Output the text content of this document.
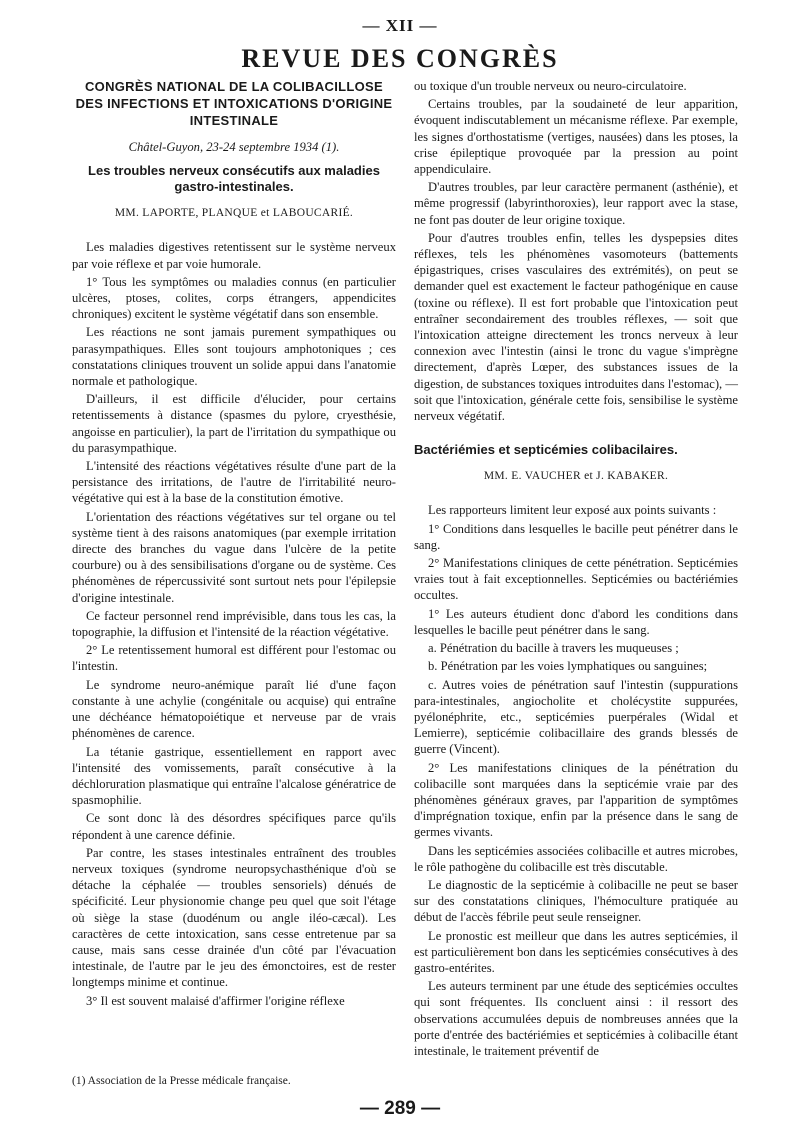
— XII —
REVUE DES CONGRÈS
CONGRÈS NATIONAL DE LA COLIBACILLOSE DES INFECTIONS ET INTOXICATIONS D'ORIGINE INTESTINALE
Châtel-Guyon, 23-24 septembre 1934 (1).
Les troubles nerveux consécutifs aux maladies gastro-intestinales.
MM. LAPORTE, PLANQUE et LABOUCARIÉ.

Les maladies digestives retentissent sur le système nerveux par voie réflexe et par voie humorale.

1° Tous les symptômes ou maladies connus (en particulier ulcères, ptoses, colites, corps étrangers, appendicites chroniques) excitent le système végétatif dans son ensemble.

Les réactions ne sont jamais purement sympathiques ou parasympathiques. Elles sont toujours amphotoniques ; ces constatations cliniques trouvent un solide appui dans l'anatomie normale et pathologique.

D'ailleurs, il est difficile d'élucider, pour certains retentissements à distance (spasmes du pylore, cryesthésie, angoisse en particulier), la part de l'irritation du sympathique ou du parasympathique.

L'intensité des réactions végétatives résulte d'une part de la persistance des irritations, de l'autre de l'irritabilité neuro-végétative qui est à la base de la constitution émotive.

L'orientation des réactions végétatives sur tel organe ou tel système tient à des raisons anatomiques (par exemple irritation directe des branches du vague dans l'ulcère de la petite courbure) ou à des sensibilisations d'organe ou de système. Ces phénomènes de répercussivité sont surtout nets pour l'épilepsie d'origine intestinale.

Ce facteur personnel rend imprévisible, dans tous les cas, la topographie, la diffusion et l'intensité de la réaction végétative.

2° Le retentissement humoral est différent pour l'estomac ou l'intestin.

Le syndrome neuro-anémique paraît lié d'une façon constante à une achylie (congénitale ou acquise) qui entraîne une déchéance hématopoiétique et nerveuse par de vrais phénomènes de carence.

La tétanie gastrique, essentiellement en rapport avec l'intensité des vomissements, paraît consécutive à la déchloruration plasmatique qui entraîne l'alcalose génératrice de spasmophilie.

Ce sont donc là des désordres spécifiques parce qu'ils répondent à une carence définie.

Par contre, les stases intestinales entraînent des troubles nerveux toxiques (syndrome neuropsychasthénique d'où se détache la céphalée — troubles sensoriels) dénués de spécificité. Leur physionomie change peu quel que soit l'étage où siège la stase (duodénum ou angle iléo-cæcal). Les caractères de cette intoxication, sans cesse entretenue par sa cause, mais sans cesse drainée d'un côté par l'évacuation intestinale, de l'autre par le jeu des émonctoires, est de rester longtemps minime et continue.

3° Il est souvent malaisé d'affirmer l'origine réflexe

(1) Association de la Presse médicale française.

ou toxique d'un trouble nerveux ou neuro-circulatoire.

Certains troubles, par la soudaineté de leur apparition, évoquent indiscutablement un mécanisme réflexe. Par exemple, les signes d'orthostatisme (vertiges, nausées) dans les ptoses, la crise épileptique provoquée par la pression au point appendiculaire.

D'autres troubles, par leur caractère permanent (asthénie), et même progressif (labyrinthoroxies), leur rapport avec la stase, ne font pas douter de leur origine toxique.

Pour d'autres troubles enfin, telles les dyspepsies dites réflexes, tels les phénomènes vasomoteurs (battements épigastriques, crises vasculaires des extrémités), on peut se demander quel est exactement le facteur pathogénique en cause (toxine ou réflexe). Il est fort probable que l'intoxication peut entraîner secondairement des troubles réflexes, — soit que l'intoxication atteigne directement les troncs nerveux à leur connexion avec l'intestin (ainsi le tronc du vague s'imprègne directement, d'après Lœper, des substances issues de la digestion, de substances toxiques introduites dans l'estomac), — soit que l'intoxication, générale cette fois, sensibilise le système nerveux végétatif.

Bactériémies et septicémies colibacilaires.
MM. E. VAUCHER et J. KABAKER.

Les rapporteurs limitent leur exposé aux points suivants :

1° Conditions dans lesquelles le bacille peut pénétrer dans le sang.

2° Manifestations cliniques de cette pénétration. Septicémies vraies tout à fait exceptionnelles. Septicémies ou bactériémies occultes.

1° Les auteurs étudient donc d'abord les conditions dans lesquelles le bacille peut pénétrer dans le sang.

a. Pénétration du bacille à travers les muqueuses ;

b. Pénétration par les voies lymphatiques ou sanguines;

c. Autres voies de pénétration sauf l'intestin (suppurations para-intestinales, angiocholite et cholécystite suppurées, pyélonéphrite, etc., septicémies puerpérales (Widal et Lemierre), septicémie colibacillaire des grands blessés de guerre (Vincent).

2° Les manifestations cliniques de la pénétration du colibacille sont marquées dans la septicémie vraie par des phénomènes généraux graves, par l'apparition de symptômes d'imprégnation toxique, enfin par la présence dans le sang de germes vivants.

Dans les septicémies associées colibacille et autres microbes, le rôle pathogène du colibacille est très discutable.

Le diagnostic de la septicémie à colibacille ne peut se baser sur des constatations cliniques, l'hémoculture pratiquée au début de l'accès fébrile peut seule renseigner.

Le pronostic est meilleur que dans les autres septicémies, il est particulièrement bon dans les septicémies consécutives à des gastro-entérites.

Les auteurs terminent par une étude des septicémies occultes qui sont fréquentes. Ils concluent ainsi : il ressort des observations accumulées depuis de nombreuses années que la porte d'entrée des bactériémies et septicémies à colibacille étant intestinale, le traitement préventif de

— 289 —
